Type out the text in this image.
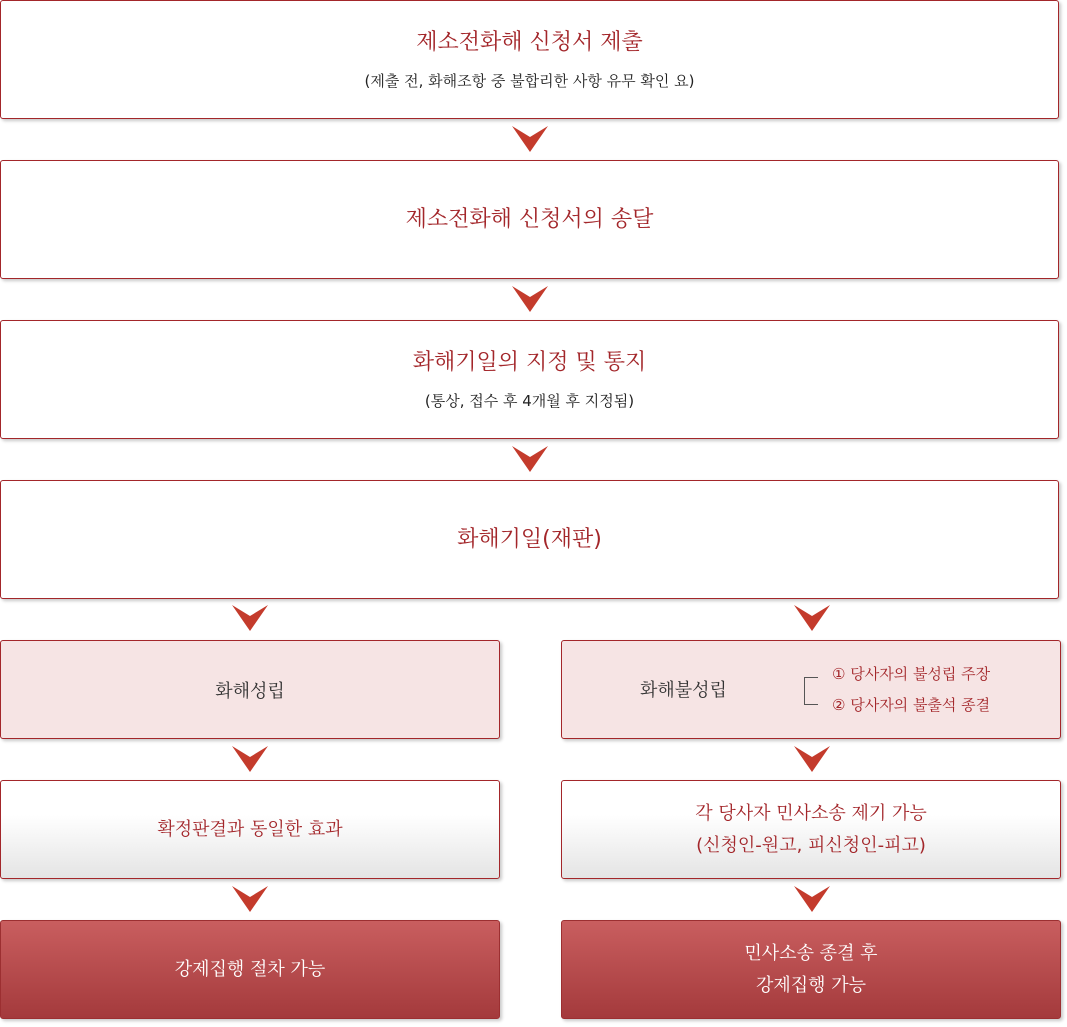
제소전화해 신청서 제출
(제출 전, 화해조항 중 불합리한 사항 유무 확인 요)
제소전화해 신청서의 송달
화해기일의 지정 및 통지
(통상, 접수 후 4개월 후 지정됨)
화해기일(재판)
화해성립
확정판결과 동일한 효과
강제집행 절차 가능
화해불성립
① 당사자의 불성립 주장
② 당사자의 불출석 종결
각 당사자 민사소송 제기 가능
(신청인-원고, 피신청인-피고)
민사소송 종결 후
강제집행 가능
